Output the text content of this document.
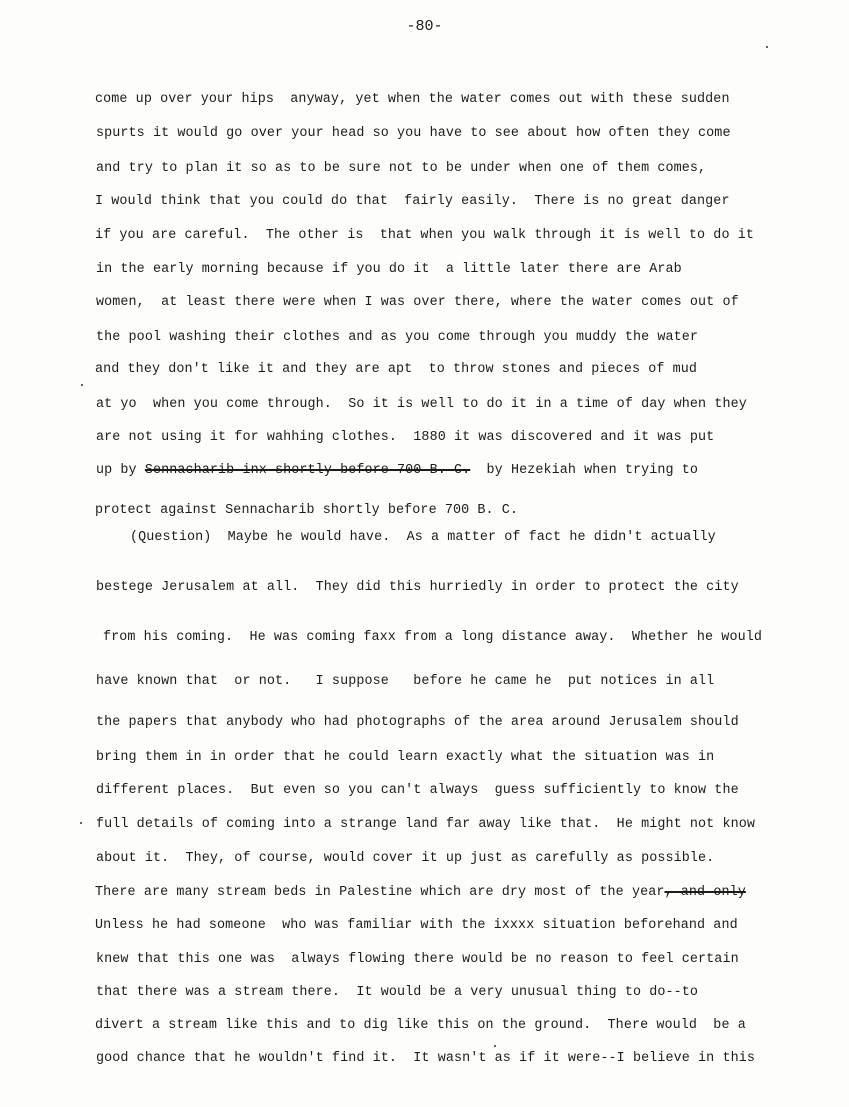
-80-
come up over your hips  anyway, yet when the water comes out with these sudden
spurts it would go over your head so you have to see about how often they come
and try to plan it so as to be sure not to be under when one of them comes,
I would think that you could do that  fairly easily.  There is no great danger
if you are careful.  The other is  that when you walk through it is well to do it
in the early morning because if you do it  a little later there are Arab
women,  at least there were when I was over there, where the water comes out of
the pool washing their clothes and as you come through you muddy the water
and they don't like it and they are apt  to throw stones and pieces of mud
at yo  when you come through.  So it is well to do it in a time of day when they
are not using it for wahhing clothes.  1880 it was discovered and it was put
up by Sennacharib inx shortly before 700 B. C.  by Hezekiah when trying to
protect against Sennacharib shortly before 700 B. C.
(Question)  Maybe he would have.  As a matter of fact he didn't actually
bestege Jerusalem at all.  They did this hurriedly in order to protect the city
from his coming.  He was coming faxx from a long distance away.  Whether he would
have known that  or not.   I suppose   before he came he  put notices in all
the papers that anybody who had photographs of the area around Jerusalem should
bring them in in order that he could learn exactly what the situation was in
different places.  But even so you can't always  guess sufficiently to know the
full details of coming into a strange land far away like that.  He might not know
about it.  They, of course, would cover it up just as carefully as possible.
There are many stream beds in Palestine which are dry most of the year, and only
Unless he had someone  who was familiar with the ixxxx situation beforehand and
knew that this one was  always flowing there would be no reason to feel certain
that there was a stream there.  It would be a very unusual thing to do--to
divert a stream like this and to dig like this on the ground.  There would  be a
good chance that he wouldn't find it.  It wasn't as if it were--I believe in this
